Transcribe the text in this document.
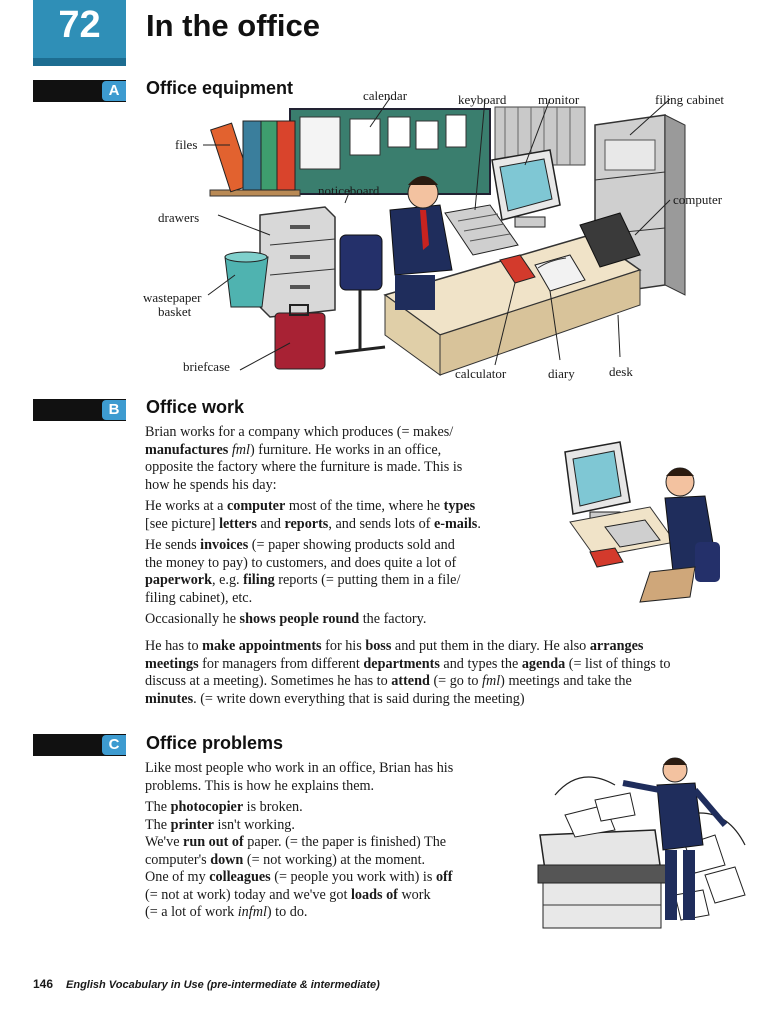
72	In the office
A	Office equipment	calendar	keyboard monitor	filing cabinet
files
noticeboard
computer
drawers
wastepaper
basket
briefcase	calculator	diary	desk
B	Office work

Brian works for a company which produces (= makes/
manufactures fml) furniture. He works in an office,
opposite the factory where the furniture is made. This is
how he spends his day:

He works at a computer most of the time, where he types
[see picture] letters and reports, and sends lots of e-mails.

He sends invoices (= paper showing products sold and
the money to pay) to customers, and does quite a lot of
paperwork, e.g. filing reports (= putting them in a file/
filing cabinet), etc.

Occasionally he shows people round the factory.

He has to make appointments for his boss and put them in the diary. He also arranges
meetings for managers from different departments and types the agenda (= list of things to
discuss at a meeting). Sometimes he has to attend (= go to fml) meetings and take the
minutes. (= write down everything that is said during the meeting)

C	Office problems

Like most people who work in an office, Brian has his
problems. This is how he explains them.

The photocopier is broken.
The printer isn't working.
We've run out of paper. (= the paper is finished) The
computer's down (= not working) at the moment.
One of my colleagues (= people you work with) is off
(= not at work) today and we've got loads of work
(= a lot of work infml) to do.

146 English Vocabulary in Use (pre-intermediate & intermediate)
